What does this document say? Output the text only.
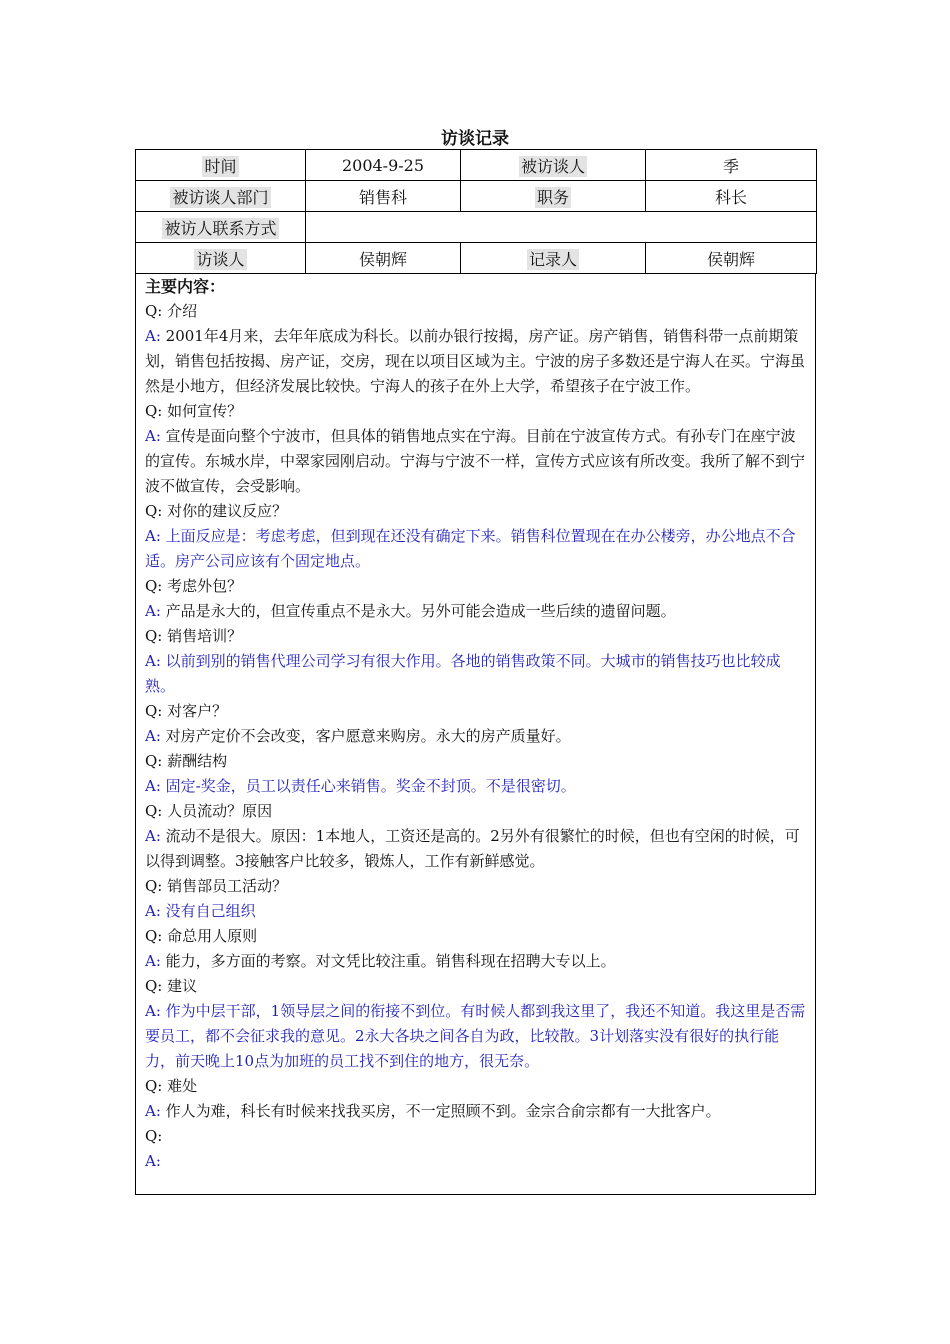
访谈记录
时间	2004-9-25	被访谈人	季
被访谈人部门	销售科	职务	科长
被访人联系方式			
访谈人	侯朝辉	记录人	侯朝辉
主要内容：
Q: 介绍
A: 2001年4月来，去年年底成为科长。以前办银行按揭，房产证。房产销售，销售科带一点前期策划，销售包括按揭、房产证，交房，现在以项目区域为主。宁波的房子多数还是宁海人在买。宁海虽然是小地方，但经济发展比较快。宁海人的孩子在外上大学，希望孩子在宁波工作。
Q: 如何宣传？
A: 宣传是面向整个宁波市，但具体的销售地点实在宁海。目前在宁波宣传方式。有孙专门在座宁波的宣传。东城水岸，中翠家园刚启动。宁海与宁波不一样，宣传方式应该有所改变。我所了解不到宁波不做宣传，会受影响。
Q: 对你的建议反应？
A: 上面反应是：考虑考虑，但到现在还没有确定下来。销售科位置现在在办公楼旁，办公地点不合适。房产公司应该有个固定地点。
Q: 考虑外包？
A: 产品是永大的，但宣传重点不是永大。另外可能会造成一些后续的遗留问题。
Q: 销售培训？
A: 以前到别的销售代理公司学习有很大作用。各地的销售政策不同。大城市的销售技巧也比较成熟。
Q: 对客户？
A: 对房产定价不会改变，客户愿意来购房。永大的房产质量好。
Q: 薪酬结构
A: 固定-奖金，员工以责任心来销售。奖金不封顶。不是很密切。
Q: 人员流动？原因
A: 流动不是很大。原因：1本地人，工资还是高的。2另外有很繁忙的时候，但也有空闲的时候，可以得到调整。3接触客户比较多，锻炼人，工作有新鲜感觉。
Q: 销售部员工活动？
A: 没有自己组织
Q: 命总用人原则
A: 能力，多方面的考察。对文凭比较注重。销售科现在招聘大专以上。
Q: 建议
A: 作为中层干部，1领导层之间的衔接不到位。有时候人都到我这里了，我还不知道。我这里是否需要员工，都不会征求我的意见。2永大各块之间各自为政，比较散。3计划落实没有很好的执行能力，前天晚上10点为加班的员工找不到住的地方，很无奈。
Q: 难处
A: 作人为难，科长有时候来找我买房，不一定照顾不到。金宗合俞宗都有一大批客户。
Q:
A:
